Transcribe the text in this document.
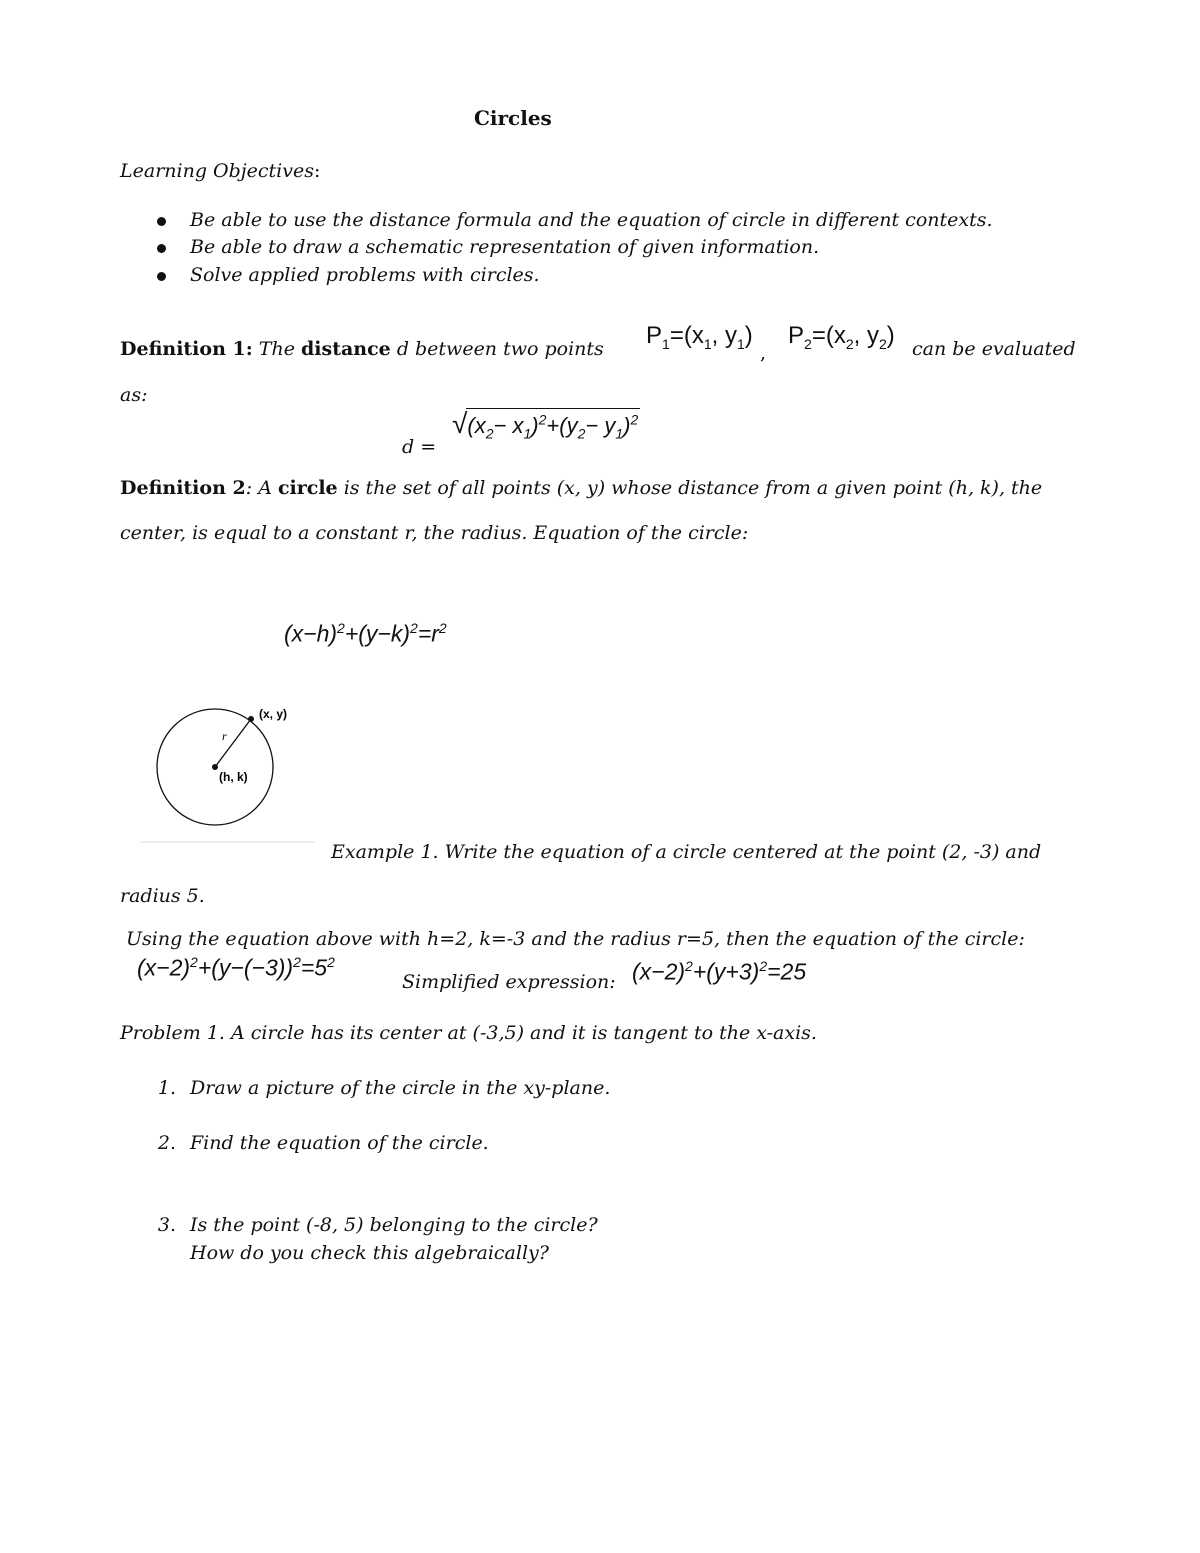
Circles
Learning Objectives:
Be able to use the distance formula and the equation of circle in different contexts.
Be able to draw a schematic representation of given information.
Solve applied problems with circles.
Definition 1: The distance d between two points $P_1=(x_1$, $y_1$)
,
$P_2=(x_2$, $y_2$) can be evaluated
as:
d =
√
$(x_2- x_1)^2+(y_2- y_1)^2$
Definition 2: A circle is the set of all points (x, y) whose distance from a given point (h, k), the
center, is equal to a constant r, the radius. Equation of the circle:
$(x-h)^2+(y-k)^2=r^2$
(x, y)
r
(h, k)
Example 1. Write the equation of a circle centered at the point (2, -3) and
radius 5.
Using the equation above with h=2, k=-3 and the radius r=5, then the equation of the circle:
$(x-2)^2+(y-(-3))^2=5^2$
Simplified expression: $(x-2)^2+(y+3)^2=25$
Problem 1. A circle has its center at (-3,5) and it is tangent to the x-axis.
1. Draw a picture of the circle in the xy-plane.
2. Find the equation of the circle.
3. Is the point (-8, 5) belonging to the circle?
How do you check this algebraically?
